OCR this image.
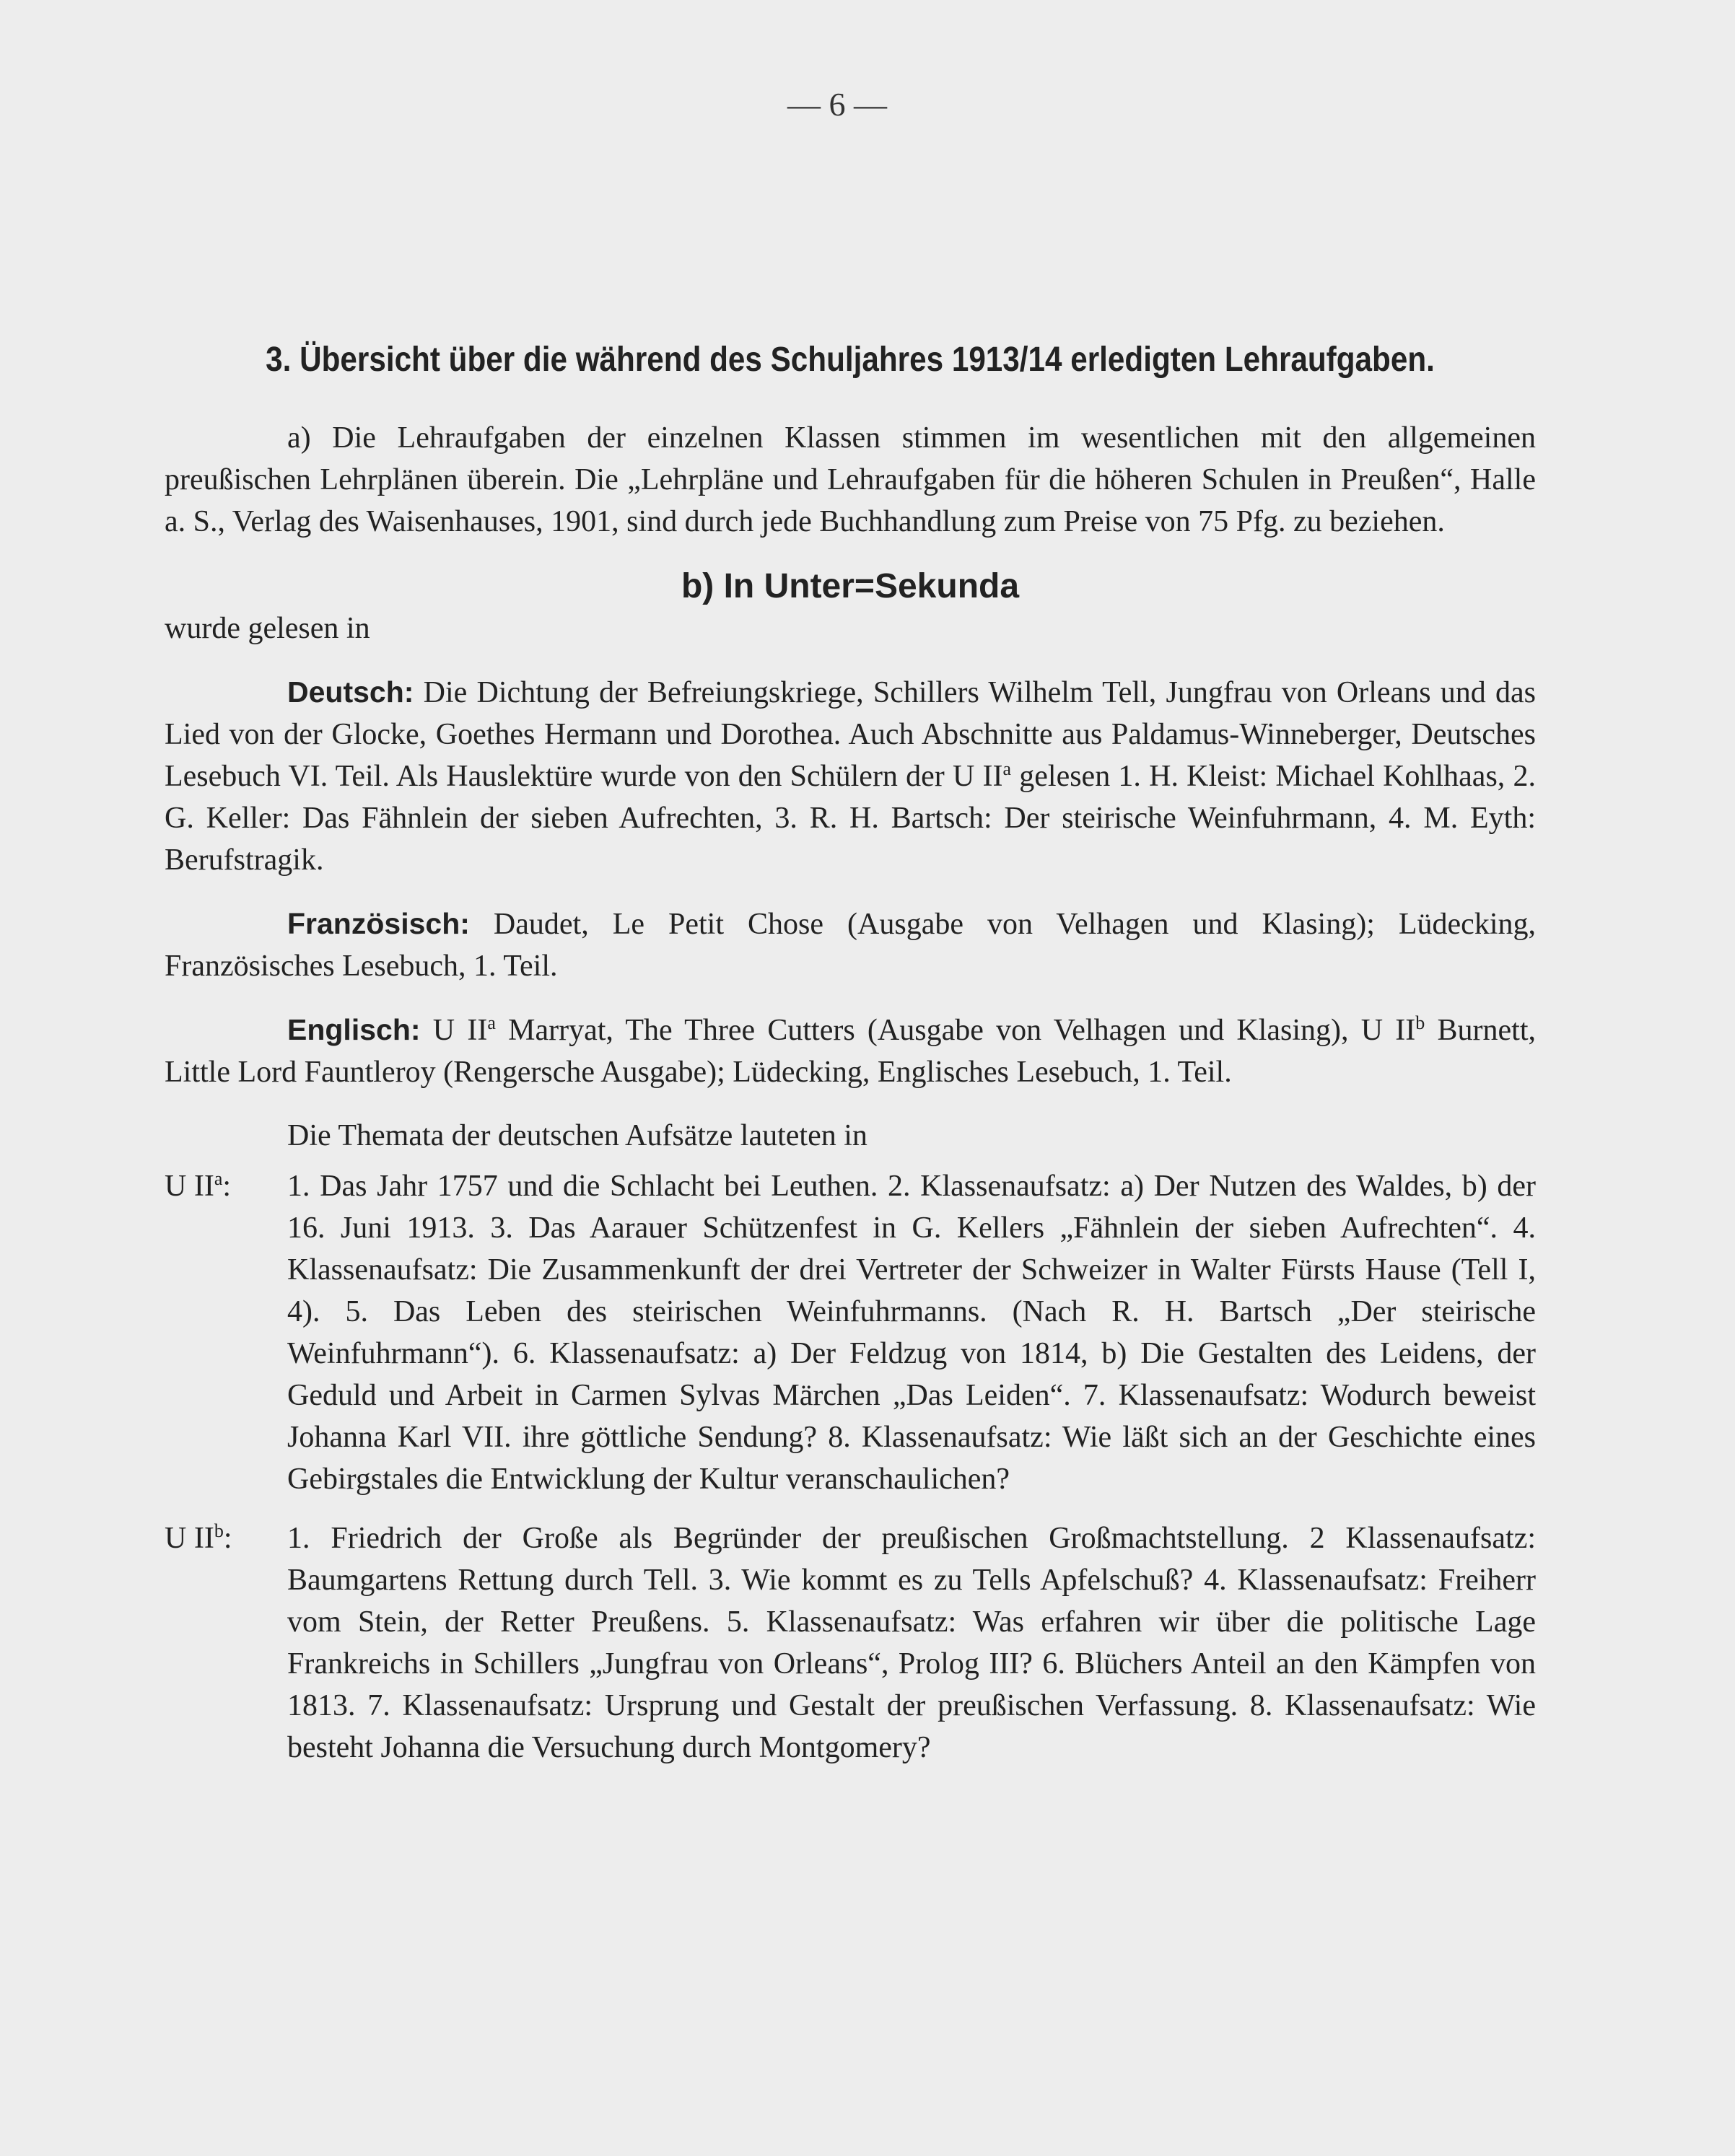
— 6 —
3. Übersicht über die während des Schuljahres 1913/14 erledigten Lehraufgaben.

a) Die Lehraufgaben der einzelnen Klassen stimmen im wesentlichen mit den allgemeinen preußischen Lehrplänen überein. Die „Lehrpläne und Lehraufgaben für die höheren Schulen in Preußen“, Halle a. S., Verlag des Waisenhauses, 1901, sind durch jede Buchhandlung zum Preise von 75 Pfg. zu beziehen.

b) In Unter=Sekunda

wurde gelesen in

Deutsch: Die Dichtung der Befreiungskriege, Schillers Wilhelm Tell, Jungfrau von Orleans und das Lied von der Glocke, Goethes Hermann und Dorothea. Auch Abschnitte aus Paldamus-Winneberger, Deutsches Lesebuch VI. Teil. Als Hauslektüre wurde von den Schülern der U $II^a$ gelesen 1. H. Kleist: Michael Kohlhaas, 2. G. Keller: Das Fähnlein der sieben Aufrechten, 3. R. H. Bartsch: Der steirische Weinfuhrmann, 4. M. Eyth: Berufstragik.

Französisch: Daudet, Le Petit Chose (Ausgabe von Velhagen und Klasing); Lüdecking, Französisches Lesebuch, 1. Teil.

Englisch: U $II^a$ Marryat, The Three Cutters (Ausgabe von Velhagen und Klasing), U $II^b$ Burnett, Little Lord Fauntleroy (Rengersche Ausgabe); Lüdecking, Englisches Lesebuch, 1. Teil.

Die Themata der deutschen Aufsätze lauteten in

U $II^a$:	1. Das Jahr 1757 und die Schlacht bei Leuthen. 2. Klassenaufsatz: a) Der Nutzen des Waldes, b) der 16. Juni 1913. 3. Das Aarauer Schützenfest in G. Kellers „Fähnlein der sieben Aufrechten“. 4. Klassenaufsatz: Die Zusammenkunft der drei Vertreter der Schweizer in Walter Fürsts Hause (Tell I, 4). 5. Das Leben des steirischen Weinfuhrmanns. (Nach R. H. Bartsch „Der steirische Weinfuhrmann“). 6. Klassenaufsatz: a) Der Feldzug von 1814, b) Die Gestalten des Leidens, der Geduld und Arbeit in Carmen Sylvas Märchen „Das Leiden“. 7. Klassenaufsatz: Wodurch beweist Johanna Karl VII. ihre göttliche Sendung? 8. Klassenaufsatz: Wie läßt sich an der Geschichte eines Gebirgstales die Entwicklung der Kultur veranschaulichen?
U $II^b$:	1. Friedrich der Große als Begründer der preußischen Großmachtstellung. 2 Klassenaufsatz: Baumgartens Rettung durch Tell. 3. Wie kommt es zu Tells Apfelschuß? 4. Klassenaufsatz: Freiherr vom Stein, der Retter Preußens. 5. Klassenaufsatz: Was erfahren wir über die politische Lage Frankreichs in Schillers „Jungfrau von Orleans“, Prolog III? 6. Blüchers Anteil an den Kämpfen von 1813. 7. Klassenaufsatz: Ursprung und Gestalt der preußischen Verfassung. 8. Klassenaufsatz: Wie besteht Johanna die Versuchung durch Montgomery?
